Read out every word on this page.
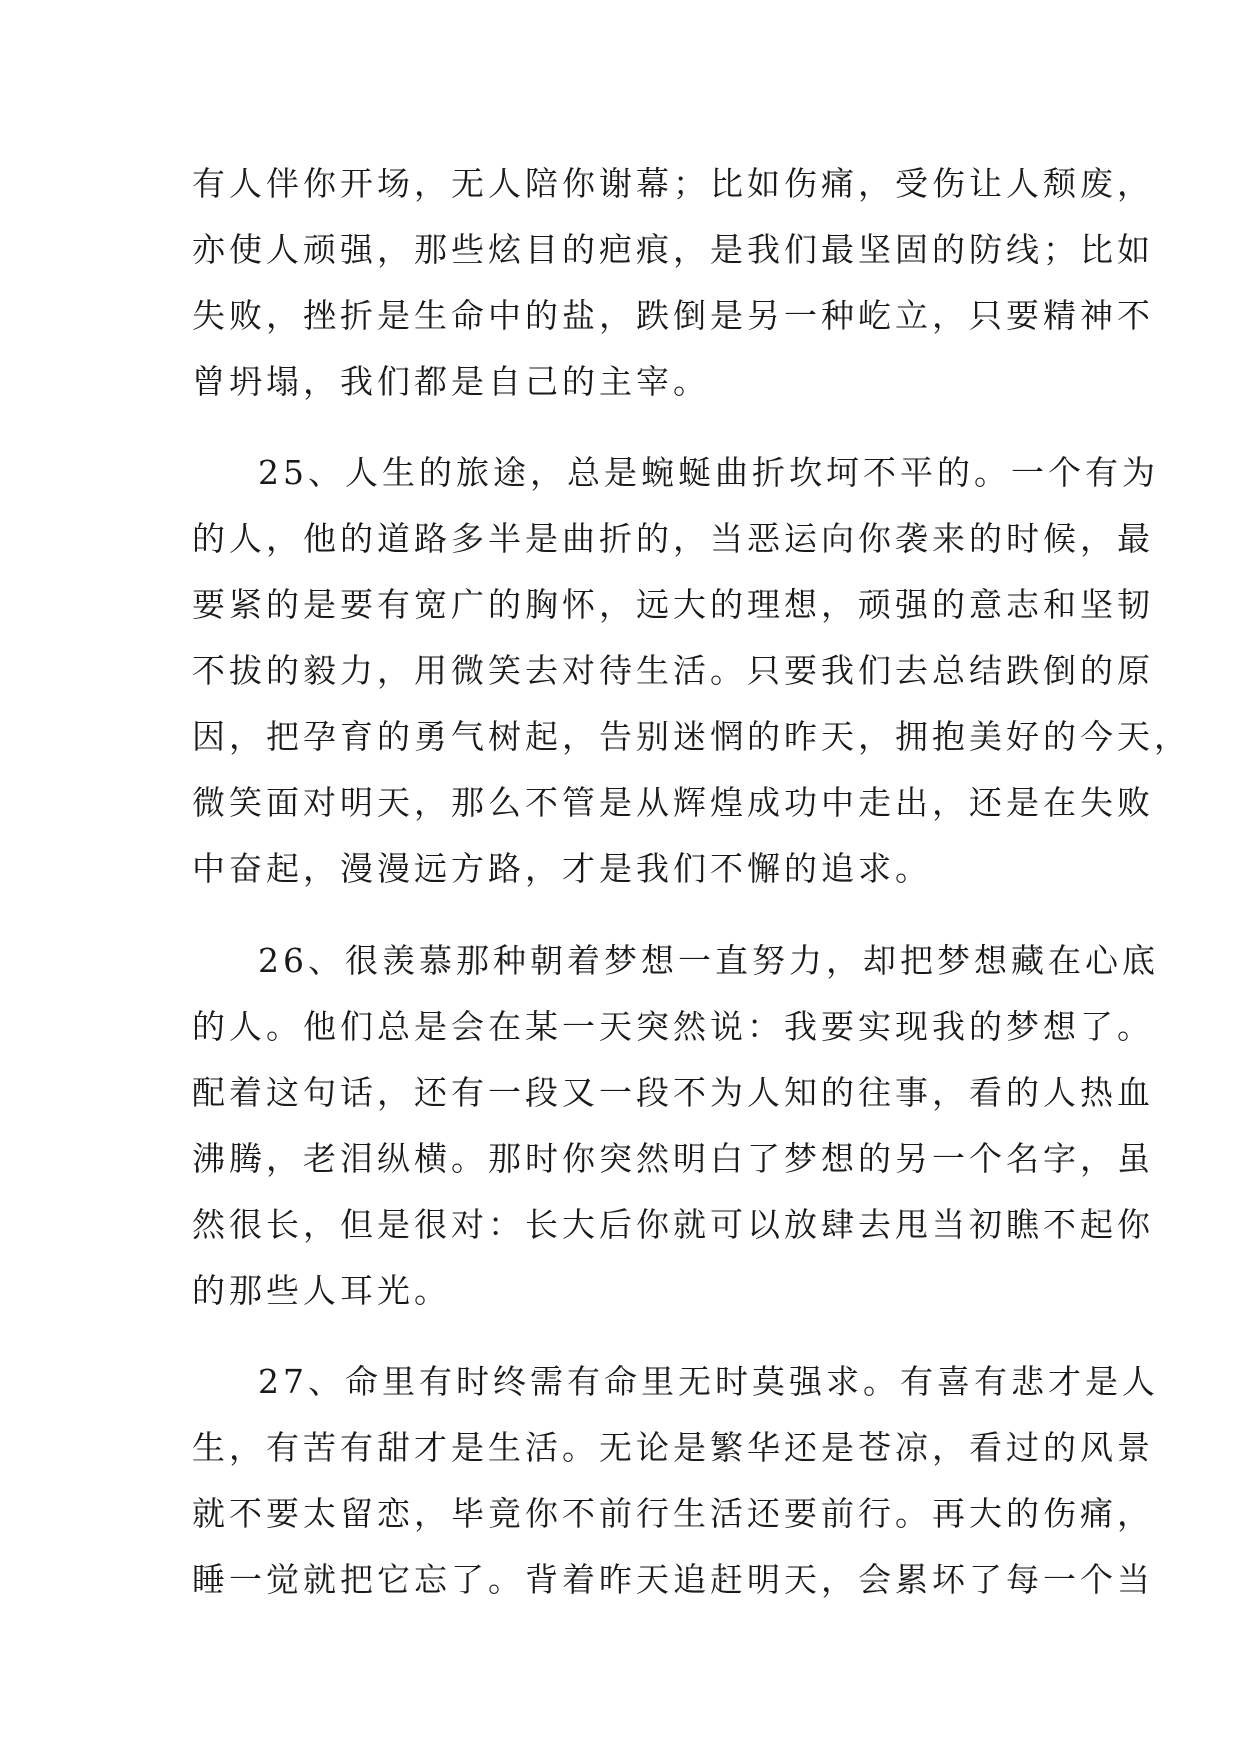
有人伴你开场，无人陪你谢幕；比如伤痛，受伤让人颓废，
亦使人顽强，那些炫目的疤痕，是我们最坚固的防线；比如
失败，挫折是生命中的盐，跌倒是另一种屹立，只要精神不
曾坍塌，我们都是自己的主宰。
25、人生的旅途，总是蜿蜒曲折坎坷不平的。一个有为
的人，他的道路多半是曲折的，当恶运向你袭来的时候，最
要紧的是要有宽广的胸怀，远大的理想，顽强的意志和坚韧
不拔的毅力，用微笑去对待生活。只要我们去总结跌倒的原
因，把孕育的勇气树起，告别迷惘的昨天，拥抱美好的今天，
微笑面对明天，那么不管是从辉煌成功中走出，还是在失败
中奋起，漫漫远方路，才是我们不懈的追求。
26、很羡慕那种朝着梦想一直努力，却把梦想藏在心底
的人。他们总是会在某一天突然说：我要实现我的梦想了。
配着这句话，还有一段又一段不为人知的往事，看的人热血
沸腾，老泪纵横。那时你突然明白了梦想的另一个名字，虽
然很长，但是很对：长大后你就可以放肆去甩当初瞧不起你
的那些人耳光。
27、命里有时终需有命里无时莫强求。有喜有悲才是人
生，有苦有甜才是生活。无论是繁华还是苍凉，看过的风景
就不要太留恋，毕竟你不前行生活还要前行。再大的伤痛，
睡一觉就把它忘了。背着昨天追赶明天，会累坏了每一个当
